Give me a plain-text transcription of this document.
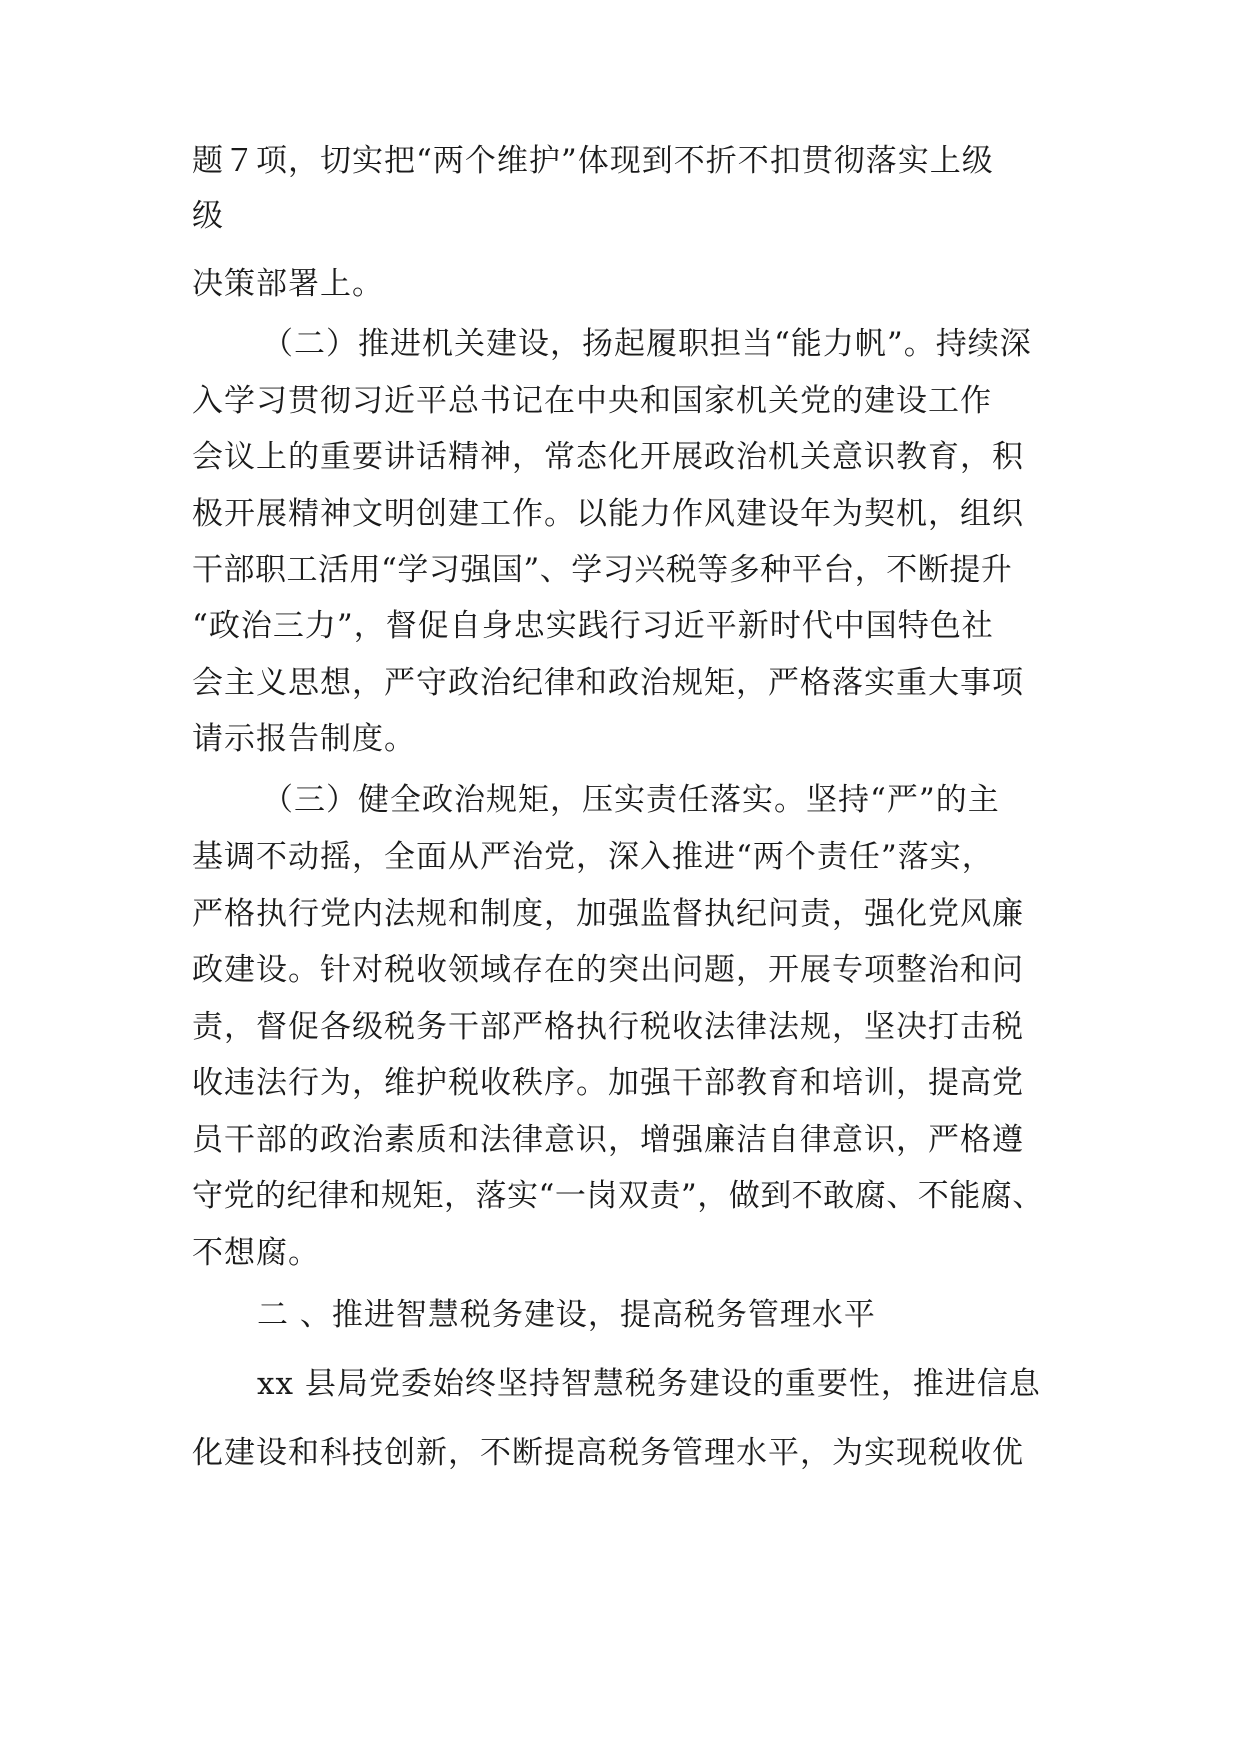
题７项，切实把“两个维护”体现到不折不扣贯彻落实上级
级
决策部署上。
（二）推进机关建设，扬起履职担当“能力帆”。持续深
入学习贯彻习近平总书记在中央和国家机关党的建设工作
会议上的重要讲话精神，常态化开展政治机关意识教育，积
极开展精神文明创建工作。以能力作风建设年为契机，组织
干部职工活用“学习强国”、学习兴税等多种平台，不断提升
“政治三力”，督促自身忠实践行习近平新时代中国特色社
会主义思想，严守政治纪律和政治规矩，严格落实重大事项
请示报告制度。
（三）健全政治规矩，压实责任落实。坚持“严”的主
基调不动摇，全面从严治党，深入推进“两个责任”落实，
严格执行党内法规和制度，加强监督执纪问责，强化党风廉
政建设。针对税收领域存在的突出问题，开展专项整治和问
责，督促各级税务干部严格执行税收法律法规，坚决打击税
收违法行为，维护税收秩序。加强干部教育和培训，提高党
员干部的政治素质和法律意识，增强廉洁自律意识，严格遵
守党的纪律和规矩，落实“一岗双责”，做到不敢腐、不能腐、
不想腐。
二 、推进智慧税务建设，提高税务管理水平
xx 县局党委始终坚持智慧税务建设的重要性，推进信息
化建设和科技创新，不断提高税务管理水平，为实现税收优
